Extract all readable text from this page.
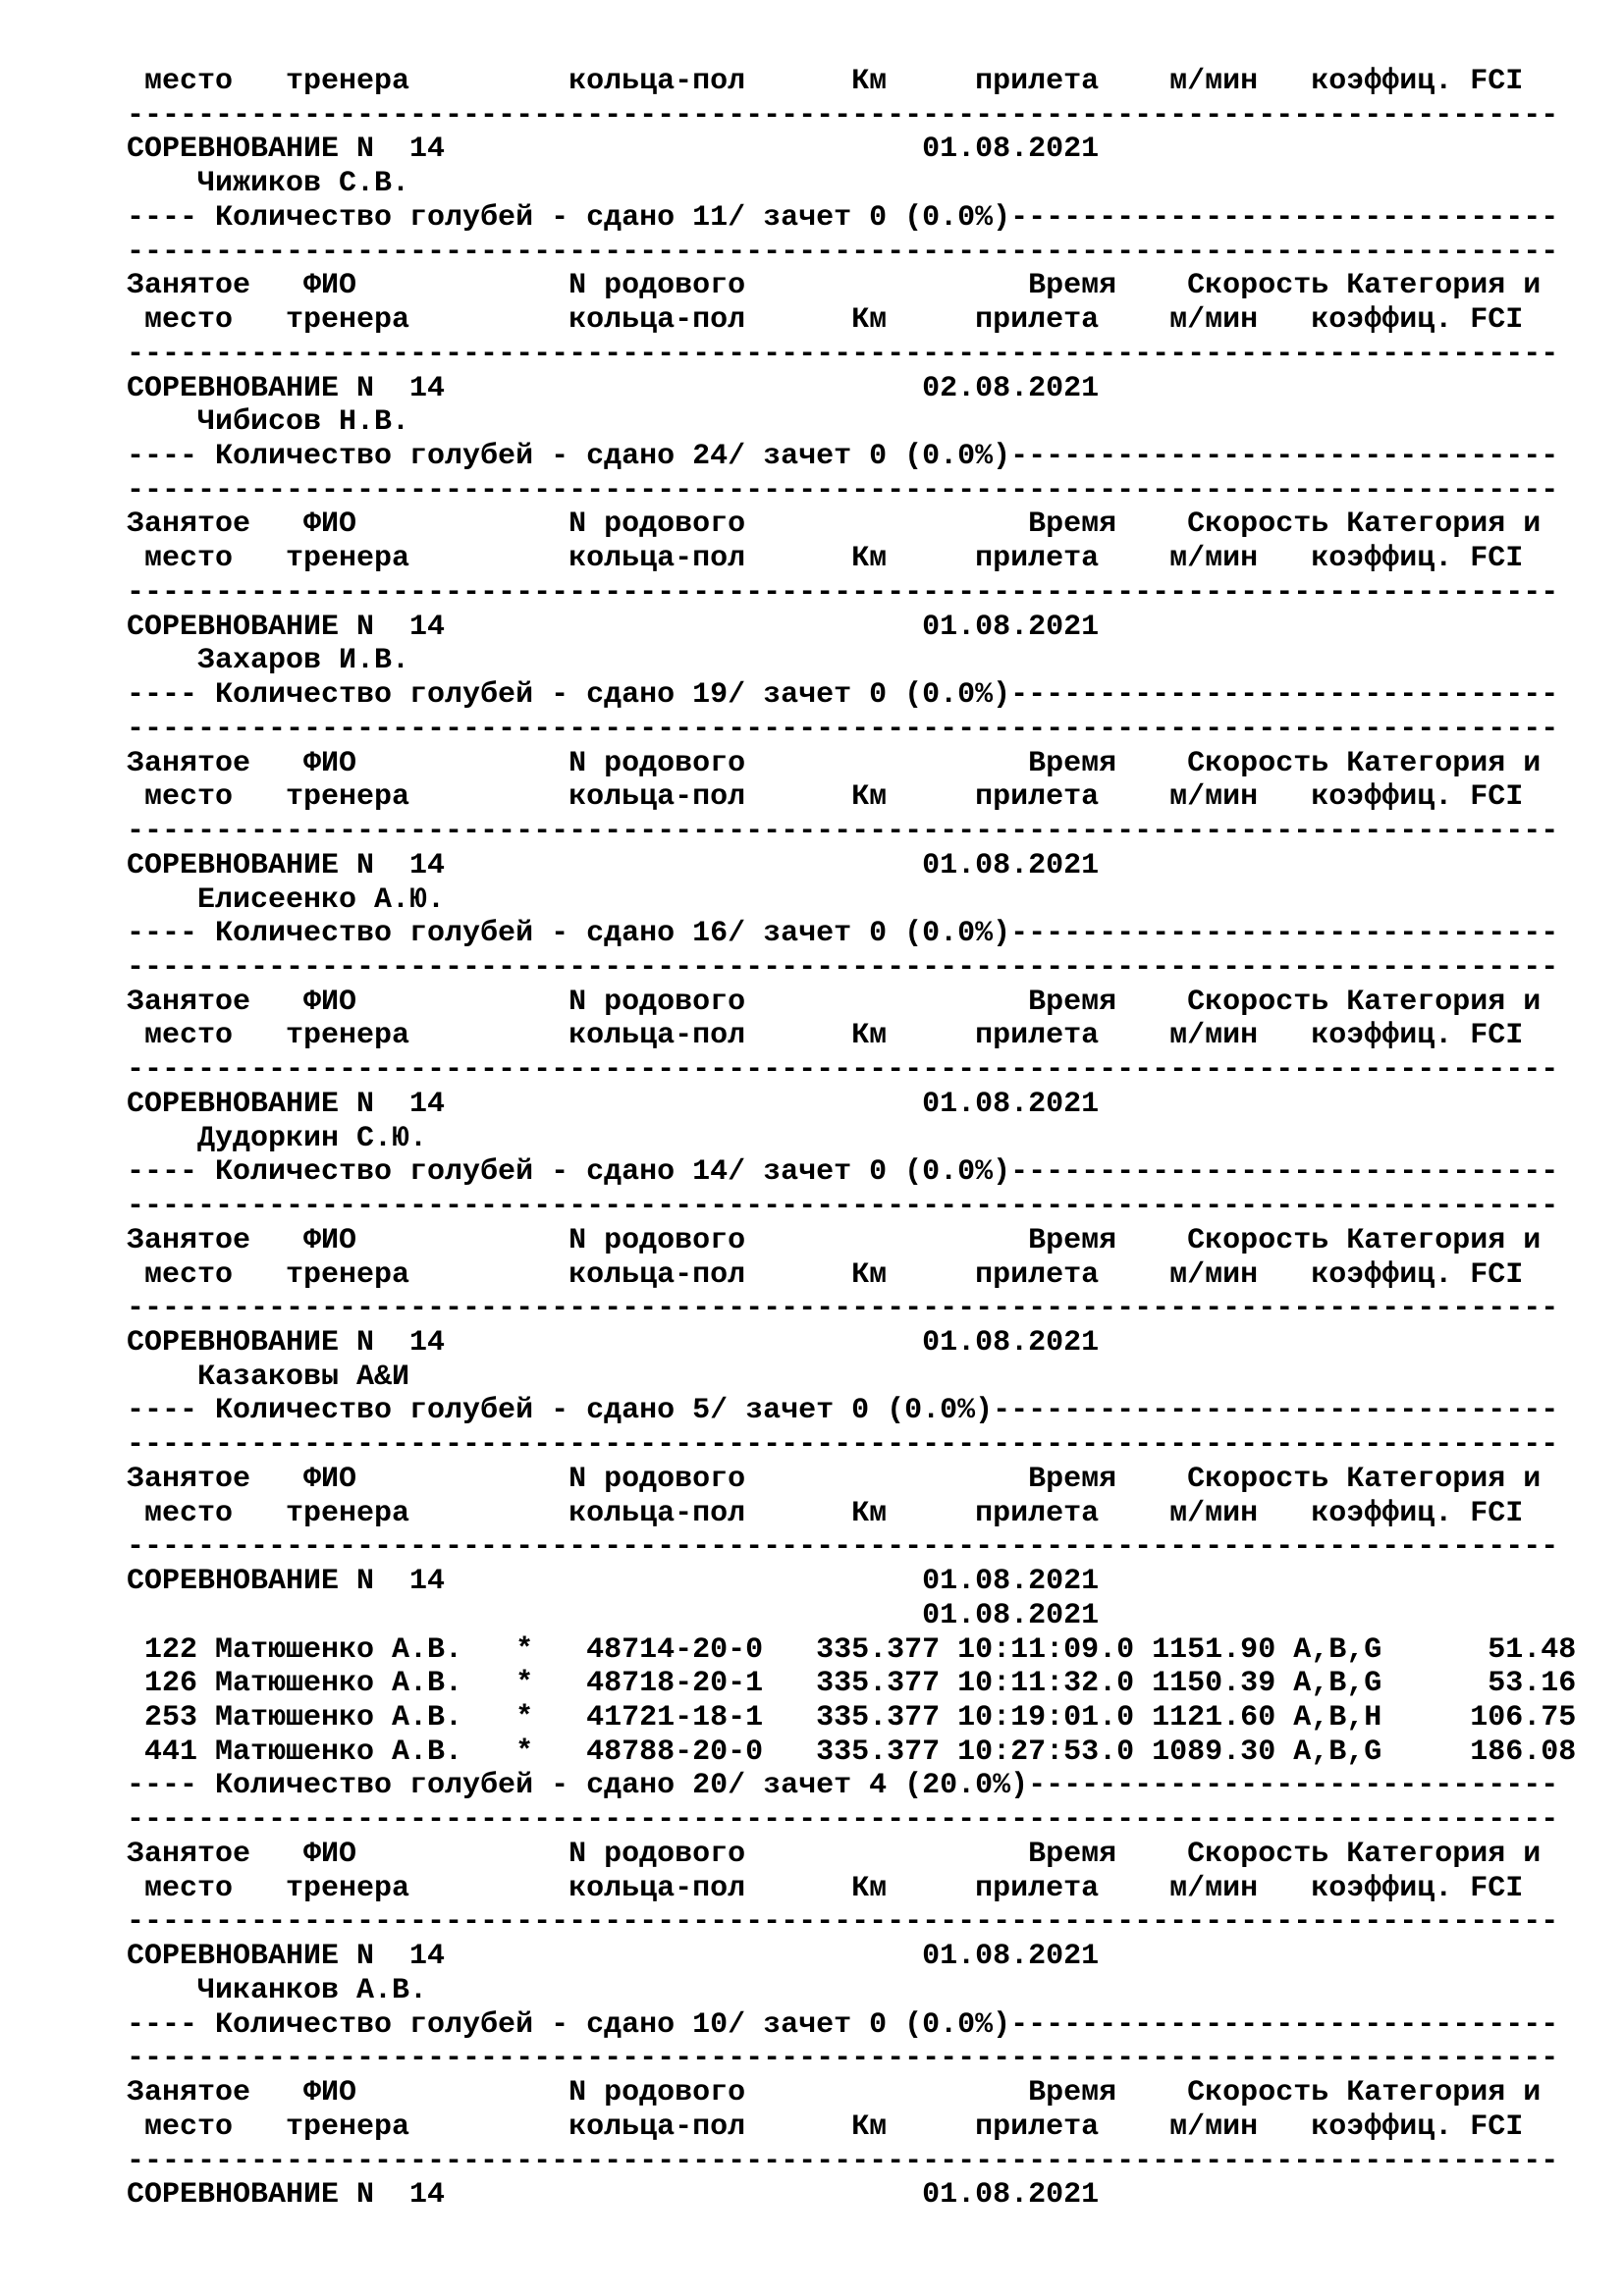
место   тренера         кольца-пол      Км     прилета    м/мин   коэффиц. FCI

---------------------------------------------------------------------------------

СОРЕВНОВАНИЕ N  14                           01.08.2021

Чижиков С.В.

---- Количество голубей - сдано 11/ зачет 0 (0.0%)-------------------------------

---------------------------------------------------------------------------------

Занятое   ФИО            N родового                Время    Скорость Категория и

место   тренера         кольца-пол      Км     прилета    м/мин   коэффиц. FCI

---------------------------------------------------------------------------------

СОРЕВНОВАНИЕ N  14                           02.08.2021

Чибисов Н.В.

---- Количество голубей - сдано 24/ зачет 0 (0.0%)-------------------------------

---------------------------------------------------------------------------------

Занятое   ФИО            N родового                Время    Скорость Категория и

место   тренера         кольца-пол      Км     прилета    м/мин   коэффиц. FCI

---------------------------------------------------------------------------------

СОРЕВНОВАНИЕ N  14                           01.08.2021

Захаров И.В.

---- Количество голубей - сдано 19/ зачет 0 (0.0%)-------------------------------

---------------------------------------------------------------------------------

Занятое   ФИО            N родового                Время    Скорость Категория и

место   тренера         кольца-пол      Км     прилета    м/мин   коэффиц. FCI

---------------------------------------------------------------------------------

СОРЕВНОВАНИЕ N  14                           01.08.2021

Елисеенко А.Ю.

---- Количество голубей - сдано 16/ зачет 0 (0.0%)-------------------------------

---------------------------------------------------------------------------------

Занятое   ФИО            N родового                Время    Скорость Категория и

место   тренера         кольца-пол      Км     прилета    м/мин   коэффиц. FCI

---------------------------------------------------------------------------------

СОРЕВНОВАНИЕ N  14                           01.08.2021

Дудоркин С.Ю.

---- Количество голубей - сдано 14/ зачет 0 (0.0%)-------------------------------

---------------------------------------------------------------------------------

Занятое   ФИО            N родового                Время    Скорость Категория и

место   тренера         кольца-пол      Км     прилета    м/мин   коэффиц. FCI

---------------------------------------------------------------------------------

СОРЕВНОВАНИЕ N  14                           01.08.2021

Казаковы А&И

---- Количество голубей - сдано 5/ зачет 0 (0.0%)--------------------------------

---------------------------------------------------------------------------------

Занятое   ФИО            N родового                Время    Скорость Категория и

место   тренера         кольца-пол      Км     прилета    м/мин   коэффиц. FCI

---------------------------------------------------------------------------------

СОРЕВНОВАНИЕ N  14                           01.08.2021

01.08.2021

122 Матюшенко А.В.   *   48714-20-0   335.377 10:11:09.0 1151.90 A,B,G      51.48

126 Матюшенко А.В.   *   48718-20-1   335.377 10:11:32.0 1150.39 A,B,G      53.16

253 Матюшенко А.В.   *   41721-18-1   335.377 10:19:01.0 1121.60 A,B,H     106.75

441 Матюшенко А.В.   *   48788-20-0   335.377 10:27:53.0 1089.30 A,B,G     186.08

---- Количество голубей - сдано 20/ зачет 4 (20.0%)------------------------------

---------------------------------------------------------------------------------

Занятое   ФИО            N родового                Время    Скорость Категория и

место   тренера         кольца-пол      Км     прилета    м/мин   коэффиц. FCI

---------------------------------------------------------------------------------

СОРЕВНОВАНИЕ N  14                           01.08.2021

Чиканков А.В.

---- Количество голубей - сдано 10/ зачет 0 (0.0%)-------------------------------

---------------------------------------------------------------------------------

Занятое   ФИО            N родового                Время    Скорость Категория и

место   тренера         кольца-пол      Км     прилета    м/мин   коэффиц. FCI

---------------------------------------------------------------------------------

СОРЕВНОВАНИЕ N  14                           01.08.2021
